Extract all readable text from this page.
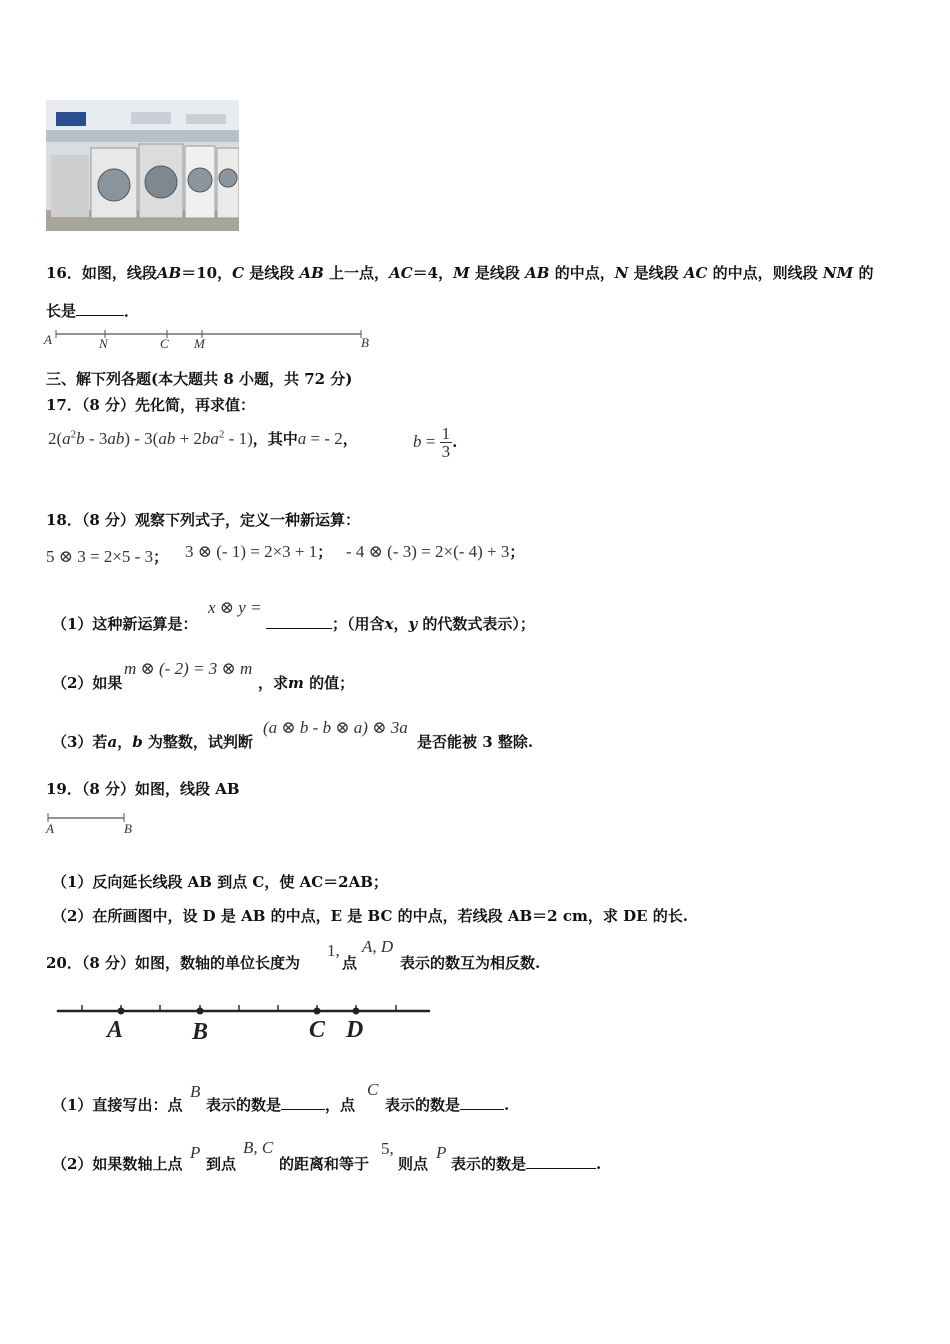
16．如图，线段AB＝10，C 是线段 AB 上一点，AC＝4，M 是线段 AB 的中点，N 是线段 AC 的中点，则线段 NM 的
长是	．
A	N	C M	B
三、解下列各题(本大题共 8 小题，共 72 分)
17．（8 分）先化简，再求值：
$2(a^2b - 3ab) - 3(ab + 2ba^2 - 1)$，其中a = - 2，	$b = \frac{1}{3}$ .
18．（8 分）观察下列式子，定义一种新运算：
5 ⊗ 3 = 2×5 - 3； 3 ⊗ (- 1) = 2×3 + 1； - 4 ⊗ (- 3) = 2×(- 4) + 3；
（1）这种新运算是：
x ⊗ y =
；（用含x，y 的代数式表示）；
（2）如果
m ⊗ (- 2) = 3 ⊗ m
，求m 的值；
（3）若a，b 为整数，试判断
(a ⊗ b - b ⊗ a) ⊗ 3a
是否能被 3 整除.
19．（8 分）如图，线段 AB
A	B
（1）反向延长线段 AB 到点 C，使 AC＝2AB；
（2）在所画图中，设 D 是 AB 的中点，E 是 BC 的中点，若线段 AB＝2 cm，求 DE 的长.
20．（8 分）如图，数轴的单位长度为
1,
点
A, D
表示的数互为相反数.
A	B	C D
（1）直接写出：点
B
表示的数是	，点
C
表示的数是	.
（2）如果数轴上点
P
到点
B, C
的距离和等于
5,
则点
P
表示的数是	.
